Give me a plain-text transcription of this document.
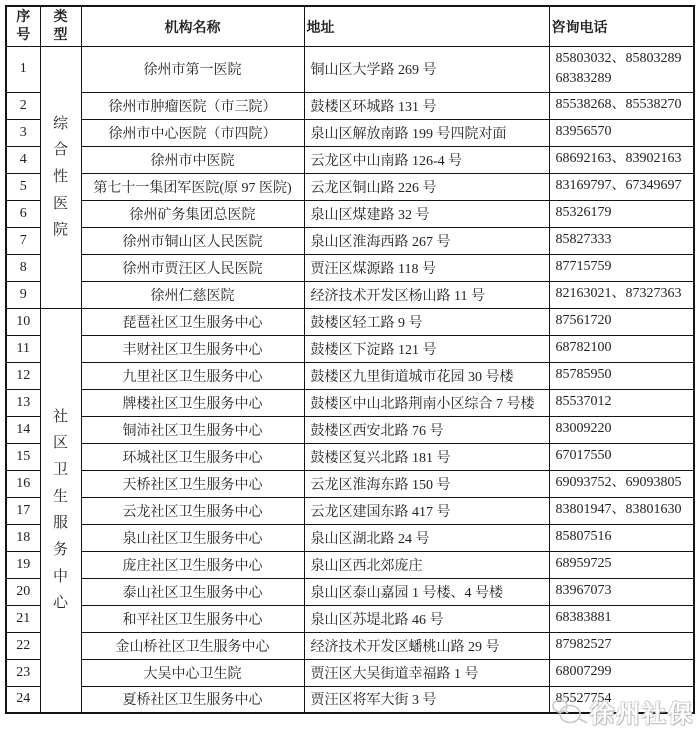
序号	类型	机构名称	地址	咨询电话
1	综合性医院	徐州市第一医院	铜山区大学路 269 号	85803032、85803289
68383289
2		徐州市肿瘤医院（市三院）	鼓楼区环城路 131 号	85538268、85538270
3		徐州市中心医院（市四院）	泉山区解放南路 199 号四院对面	83956570
4		徐州市中医院	云龙区中山南路 126-4 号	68692163、83902163
5		第七十一集团军医院(原 97 医院)	云龙区铜山路 226 号	83169797、67349697
6		徐州矿务集团总医院	泉山区煤建路 32 号	85326179
7		徐州市铜山区人民医院	泉山区淮海西路 267 号	85827333
8		徐州市贾汪区人民医院	贾汪区煤源路 118 号	87715759
9		徐州仁慈医院	经济技术开发区杨山路 11 号	82163021、87327363
10	社区卫生服务中心	琵琶社区卫生服务中心	鼓楼区轻工路 9 号	87561720
11		丰财社区卫生服务中心	鼓楼区下淀路 121 号	68782100
12		九里社区卫生服务中心	鼓楼区九里街道城市花园 30 号楼	85785950
13		牌楼社区卫生服务中心	鼓楼区中山北路荆南小区综合 7 号楼	85537012
14		铜沛社区卫生服务中心	鼓楼区西安北路 76 号	83009220
15		环城社区卫生服务中心	鼓楼区复兴北路 181 号	67017550
16		天桥社区卫生服务中心	云龙区淮海东路 150 号	69093752、69093805
17		云龙社区卫生服务中心	云龙区建国东路 417 号	83801947、83801630
18		泉山社区卫生服务中心	泉山区湖北路 24 号	85807516
19		庞庄社区卫生服务中心	泉山区西北郊庞庄	68959725
20		泰山社区卫生服务中心	泉山区泰山嘉园 1 号楼、4 号楼	83967073
21		和平社区卫生服务中心	泉山区苏堤北路 46 号	68383881
22		金山桥社区卫生服务中心	经济技术开发区蟠桃山路 29 号	87982527
23		大吴中心卫生院	贾汪区大吴街道幸福路 1 号	68007299
24		夏桥社区卫生服务中心	贾汪区将军大街 3 号	85527754
徐州社保
